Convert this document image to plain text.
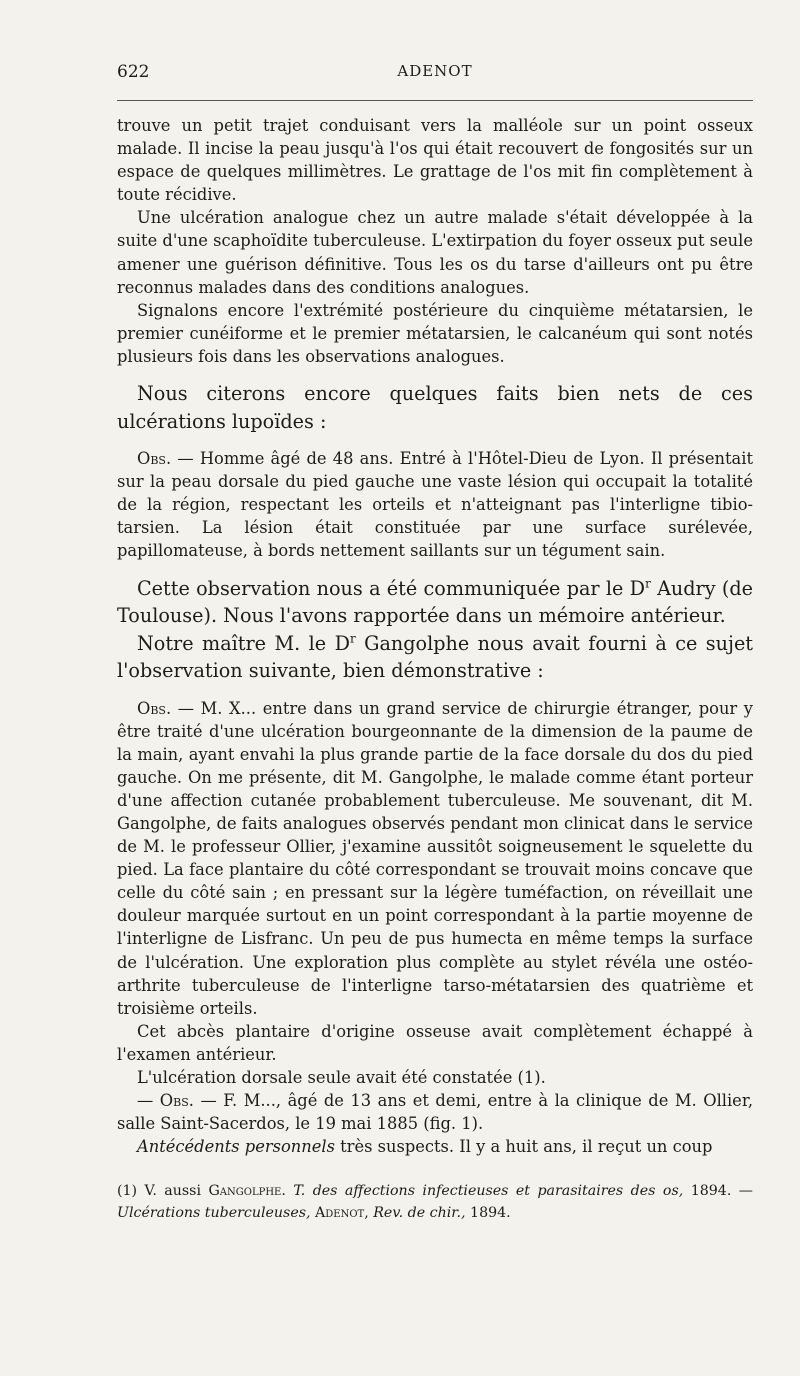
622	ADENOT

trouve un petit trajet conduisant vers la malléole sur un point osseux malade. Il incise la peau jusqu'à l'os qui était recouvert de fongosités sur un espace de quelques millimètres. Le grattage de l'os mit fin complètement à toute récidive.

Une ulcération analogue chez un autre malade s'était développée à la suite d'une scaphoïdite tuberculeuse. L'extirpation du foyer osseux put seule amener une guérison définitive. Tous les os du tarse d'ailleurs ont pu être reconnus malades dans des conditions analogues.

Signalons encore l'extrémité postérieure du cinquième métatarsien, le premier cunéiforme et le premier métatarsien, le calcanéum qui sont notés plusieurs fois dans les observations analogues.

Nous citerons encore quelques faits bien nets de ces ulcérations lupoïdes :

Obs. — Homme âgé de 48 ans. Entré à l'Hôtel-Dieu de Lyon. Il présentait sur la peau dorsale du pied gauche une vaste lésion qui occupait la totalité de la région, respectant les orteils et n'atteignant pas l'interligne tibio-tarsien. La lésion était constituée par une surface surélevée, papillomateuse, à bords nettement saillants sur un tégument sain.

Cette observation nous a été communiquée par le $D^r$ Audry (de Toulouse). Nous l'avons rapportée dans un mémoire antérieur.

Notre maître M. le $D^r$ Gangolphe nous avait fourni à ce sujet l'observation suivante, bien démonstrative :

Obs. — M. X... entre dans un grand service de chirurgie étranger, pour y être traité d'une ulcération bourgeonnante de la dimension de la paume de la main, ayant envahi la plus grande partie de la face dorsale du dos du pied gauche. On me présente, dit M. Gangolphe, le malade comme étant porteur d'une affection cutanée probablement tuberculeuse. Me souvenant, dit M. Gangolphe, de faits analogues observés pendant mon clinicat dans le service de M. le professeur Ollier, j'examine aussitôt soigneusement le squelette du pied. La face plantaire du côté correspondant se trouvait moins concave que celle du côté sain ; en pressant sur la légère tuméfaction, on réveillait une douleur marquée surtout en un point correspondant à la partie moyenne de l'interligne de Lisfranc. Un peu de pus humecta en même temps la surface de l'ulcération. Une exploration plus complète au stylet révéla une ostéo-arthrite tuberculeuse de l'interligne tarso-métatarsien des quatrième et troisième orteils.

Cet abcès plantaire d'origine osseuse avait complètement échappé à l'examen antérieur.

L'ulcération dorsale seule avait été constatée (1).

— Obs. — F. M..., âgé de 13 ans et demi, entre à la clinique de M. Ollier, salle Saint-Sacerdos, le 19 mai 1885 (fig. 1).

Antécédents personnels très suspects. Il y a huit ans, il reçut un coup

(1) V. aussi Gangolphe. T. des affections infectieuses et parasitaires des os, 1894. — Ulcérations tuberculeuses, Adenot, Rev. de chir., 1894.
